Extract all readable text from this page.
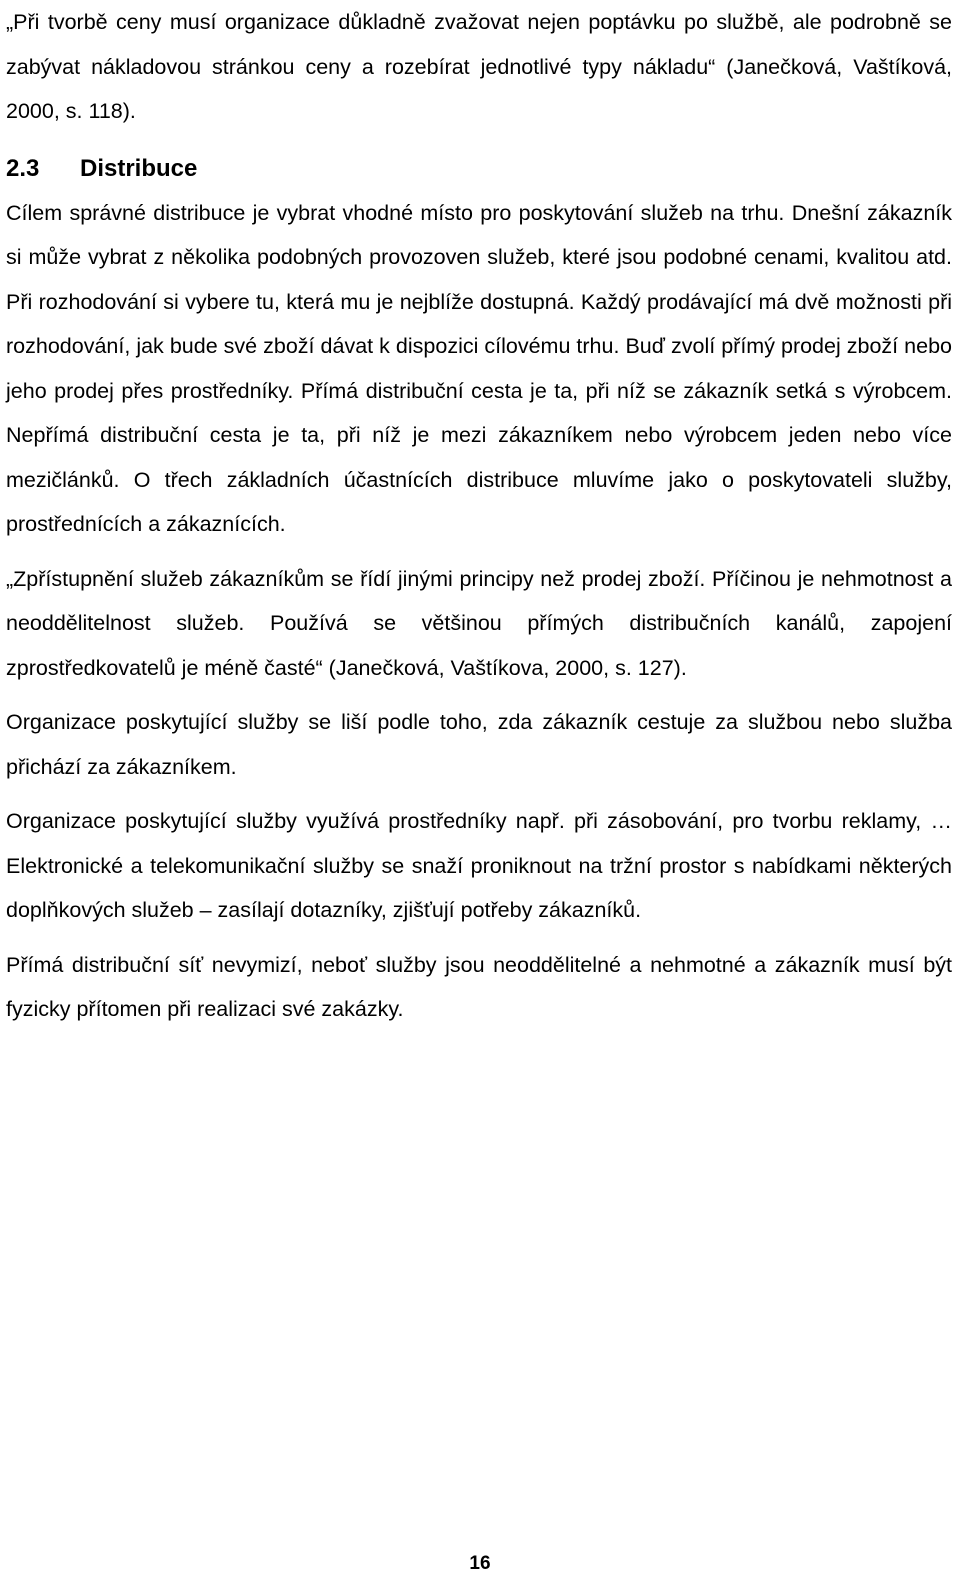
„Při tvorbě ceny musí organizace důkladně zvažovat nejen poptávku po službě, ale podrobně se zabývat nákladovou stránkou ceny a rozebírat jednotlivé typy nákladu“ (Janečková, Vaštíková, 2000, s. 118).

2.3	Distribuce

Cílem správné distribuce je vybrat vhodné místo pro poskytování služeb na trhu. Dnešní zákazník si může vybrat z několika podobných provozoven služeb, které jsou podobné cenami, kvalitou atd. Při rozhodování si vybere tu, která mu je nejblíže dostupná. Každý prodávající má dvě možnosti při rozhodování, jak bude své zboží dávat k dispozici cílovému trhu. Buď zvolí přímý prodej zboží nebo jeho prodej přes prostředníky. Přímá distribuční cesta je ta, při níž se zákazník setká s výrobcem. Nepřímá distribuční cesta je ta, při níž je mezi zákazníkem nebo výrobcem jeden nebo více mezičlánků. O třech základních účastnících distribuce mluvíme jako o poskytovateli služby, prostřednících a zákaznících.

„Zpřístupnění služeb zákazníkům se řídí jinými principy než prodej zboží. Příčinou je nehmotnost a neoddělitelnost služeb. Používá se většinou přímých distribučních kanálů, zapojení zprostředkovatelů je méně časté“ (Janečková, Vaštíkova, 2000, s. 127).

Organizace poskytující služby se liší podle toho, zda zákazník cestuje za službou nebo služba přichází za zákazníkem.

Organizace poskytující služby využívá prostředníky např. při zásobování, pro tvorbu reklamy, … Elektronické a telekomunikační služby se snaží proniknout na tržní prostor s nabídkami některých doplňkových služeb – zasílají dotazníky, zjišťují potřeby zákazníků.

Přímá distribuční síť nevymizí, neboť služby jsou neoddělitelné a nehmotné a zákazník musí být fyzicky přítomen při realizaci své zakázky.

16
